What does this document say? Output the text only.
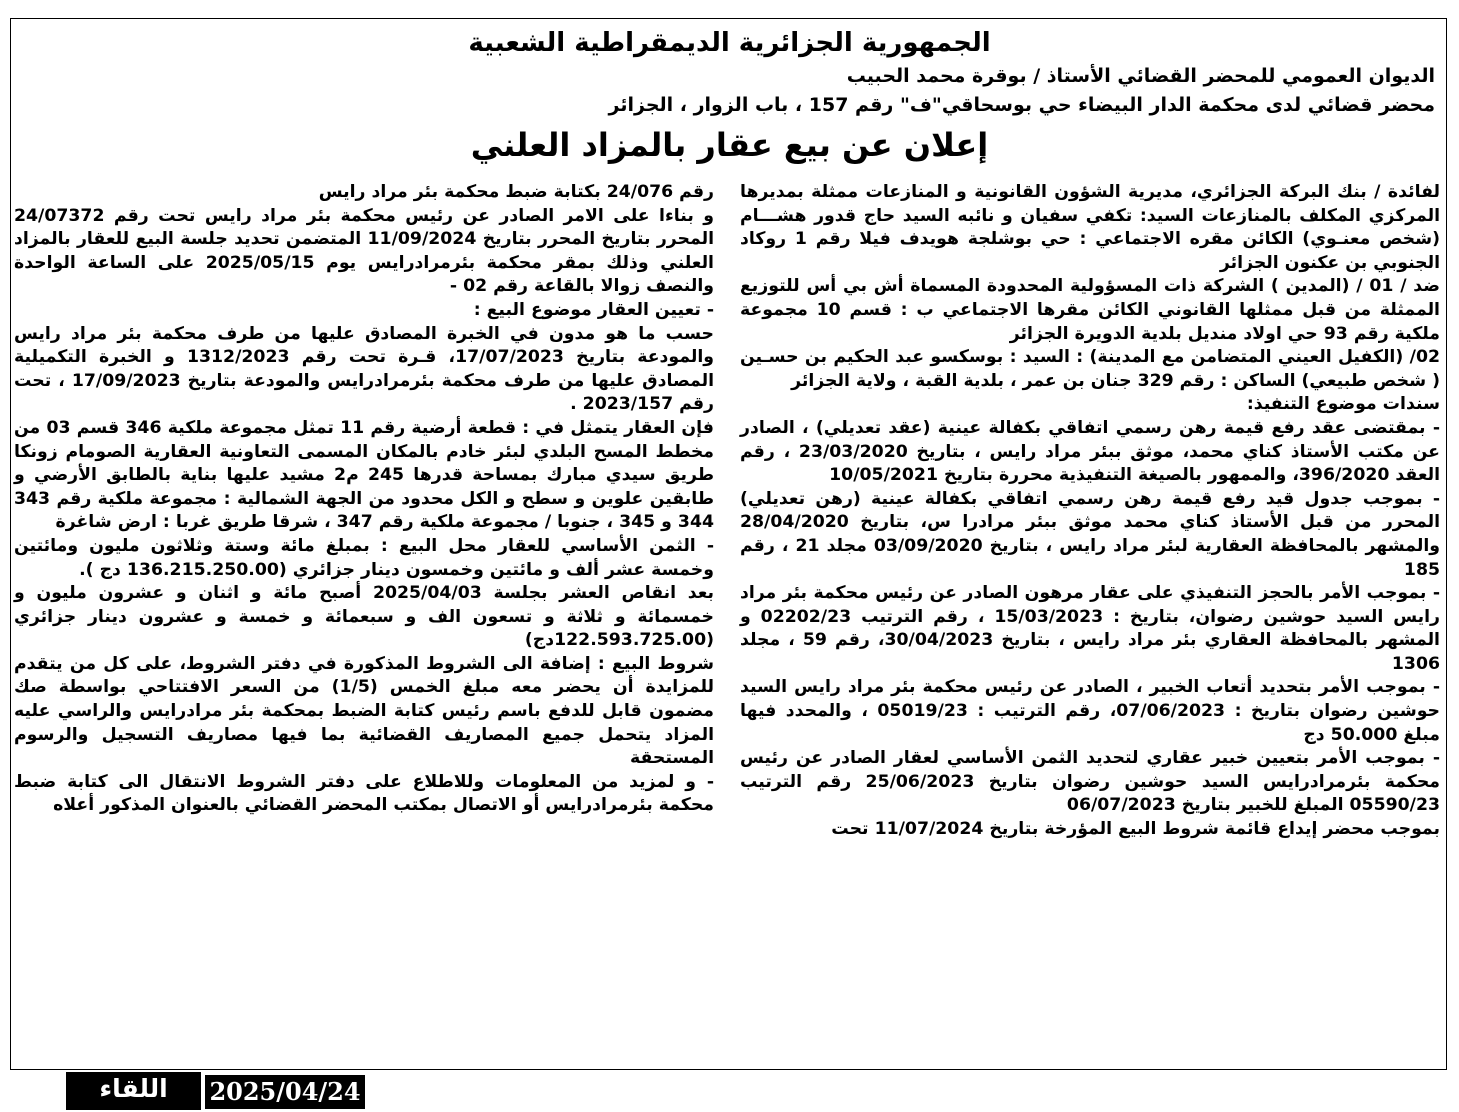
الجمهورية الجزائرية الديمقراطية الشعبية
الديوان العمومي للمحضر القضائي الأستاذ / بوقرة محمد الحبيب
محضر قضائي لدى محكمة الدار البيضاء حي بوسحاقي"ف" رقم 157 ، باب الزوار ، الجزائر
إعلان عن بيع عقار بالمزاد العلني

لفائدة / بنك البركة الجزائري، مديرية الشؤون القانونية و المنازعات ممثلة بمديرها المركزي المكلف بالمنازعات السيد: تكفي سفيان و نائبه السيد حاج قدور هشـــام (شخص معنـوي) الكائن مقره الاجتماعي : حي بوشلجة هويدف فيلا رقم 1 روكاد الجنوبي بن عكنون الجزائر

ضد / 01 / (المدين ) الشركة ذات المسؤولية المحدودة المسماة أش بي أس للتوزيع الممثلة من قبل ممثلها القانوني الكائن مقرها الاجتماعي ب : قسم 10 مجموعة ملكية رقم 93 حي اولاد منديل بلدية الدويرة الجزائر

02/ (الكفيل العيني المتضامن مع المدينة) : السيد : بوسكسو عبد الحكيم بن حسـين ( شخص طبيعي) الساكن : رقم 329 جنان بن عمر ، بلدية القبة ، ولاية الجزائر

سندات موضوع التنفيذ:

- بمقتضى عقد رفع قيمة رهن رسمي اتفاقي بكفالة عينية (عقد تعديلي) ، الصادر عن مكتب الأستاذ كناي محمد، موثق ببئر مراد رايس ، بتاريخ 23/03/2020 ، رقم العقد 396/2020، والممهور بالصيغة التنفيذية محررة بتاريخ 10/05/2021

- بموجب جدول قيد رفع قيمة رهن رسمي اتفاقي بكفالة عينية (رهن تعديلي) المحرر من قبل الأستاذ كناي محمد موثق ببئر مرادرا س، بتاريخ 28/04/2020 والمشهر بالمحافظة العقارية لبئر مراد رايس ، بتاريخ 03/09/2020 مجلد 21 ، رقم 185

- بموجب الأمر بالحجز التنفيذي على عقار مرهون الصادر عن رئيس محكمة بئر مراد رايس السيد حوشين رضوان، بتاريخ : 15/03/2023 ، رقم الترتيب 02202/23 و المشهر بالمحافظة العقاري بئر مراد رايس ، بتاريخ 30/04/2023، رقم 59 ، مجلد 1306

- بموجب الأمر بتحديد أتعاب الخبير ، الصادر عن رئيس محكمة بئر مراد رايس السيد حوشين رضوان بتاريخ : 07/06/2023، رقم الترتيب : 05019/23 ، والمحدد فيها مبلغ 50.000 دج

- بموجب الأمر بتعيين خبير عقاري لتحديد الثمن الأساسي لعقار الصادر عن رئيس محكمة بئرمرادرايس السيد حوشين رضوان بتاريخ 25/06/2023 رقم الترتيب 05590/23 المبلغ للخبير بتاريخ 06/07/2023

بموجب محضر إيداع قائمة شروط البيع المؤرخة بتاريخ 11/07/2024 تحت

رقم 24/076 بكتابة ضبط محكمة بئر مراد رايس

و بناءا على الامر الصادر عن رئيس محكمة بئر مراد رايس تحت رقم 24/07372 المحرر بتاريخ المحرر بتاريخ 11/09/2024 المتضمن تحديد جلسة البيع للعقار بالمزاد العلني وذلك بمقر محكمة بئرمرادرايس يوم 2025/05/15 على الساعة الواحدة والنصف زوالا بالقاعة رقم 02 -

- تعيين العقار موضوع البيع :

حسب ما هو مدون في الخبرة المصادق عليها من طرف محكمة بئر مراد رايس والمودعة بتاريخ 17/07/2023، قـرة تحت رقم 1312/2023 و الخبرة التكميلية المصادق عليها من طرف محكمة بئرمرادرايس والمودعة بتاريخ 17/09/2023 ، تحت رقم 2023/157 .

فإن العقار يتمثل في : قطعة أرضية رقم 11 تمثل مجموعة ملكية 346 قسم 03 من مخطط المسح البلدي لبئر خادم بالمكان المسمى التعاونية العقارية الصومام زونكا طريق سيدي مبارك بمساحة قدرها 245 م2 مشيد عليها بناية بالطابق الأرضي و طابقين علوين و سطح و الكل محدود من الجهة الشمالية : مجموعة ملكية رقم 343 344 و 345 ، جنوبا / مجموعة ملكية رقم 347 ، شرقا طريق غربا : ارض شاغرة

- الثمن الأساسي للعقار محل البيع : بمبلغ مائة وستة وثلاثون مليون ومائتين وخمسة عشر ألف و مائتين وخمسون دينار جزائري (136.215.250.00 دج ).

بعد انقاص العشر بجلسة 2025/04/03 أصبح مائة و اثنان و عشرون مليون و خمسمائة و ثلاثة و تسعون الف و سبعمائة و خمسة و عشرون دينار جزائري (122.593.725.00دج)

شروط البيع : إضافة الى الشروط المذكورة في دفتر الشروط، على كل من يتقدم للمزايدة أن يحضر معه مبلغ الخمس (1/5) من السعر الافتتاحي بواسطة صك مضمون قابل للدفع باسم رئيس كتابة الضبط بمحكمة بئر مرادرايس والراسي عليه المزاد يتحمل جميع المصاريف القضائية بما فيها مصاريف التسجيل والرسوم المستحقة

- و لمزيد من المعلومات وللاطلاع على دفتر الشروط الانتقال الى كتابة ضبط محكمة بئرمرادرايس أو الاتصال بمكتب المحضر القضائي بالعنوان المذكور أعلاه

اللقاء	2025/04/24
